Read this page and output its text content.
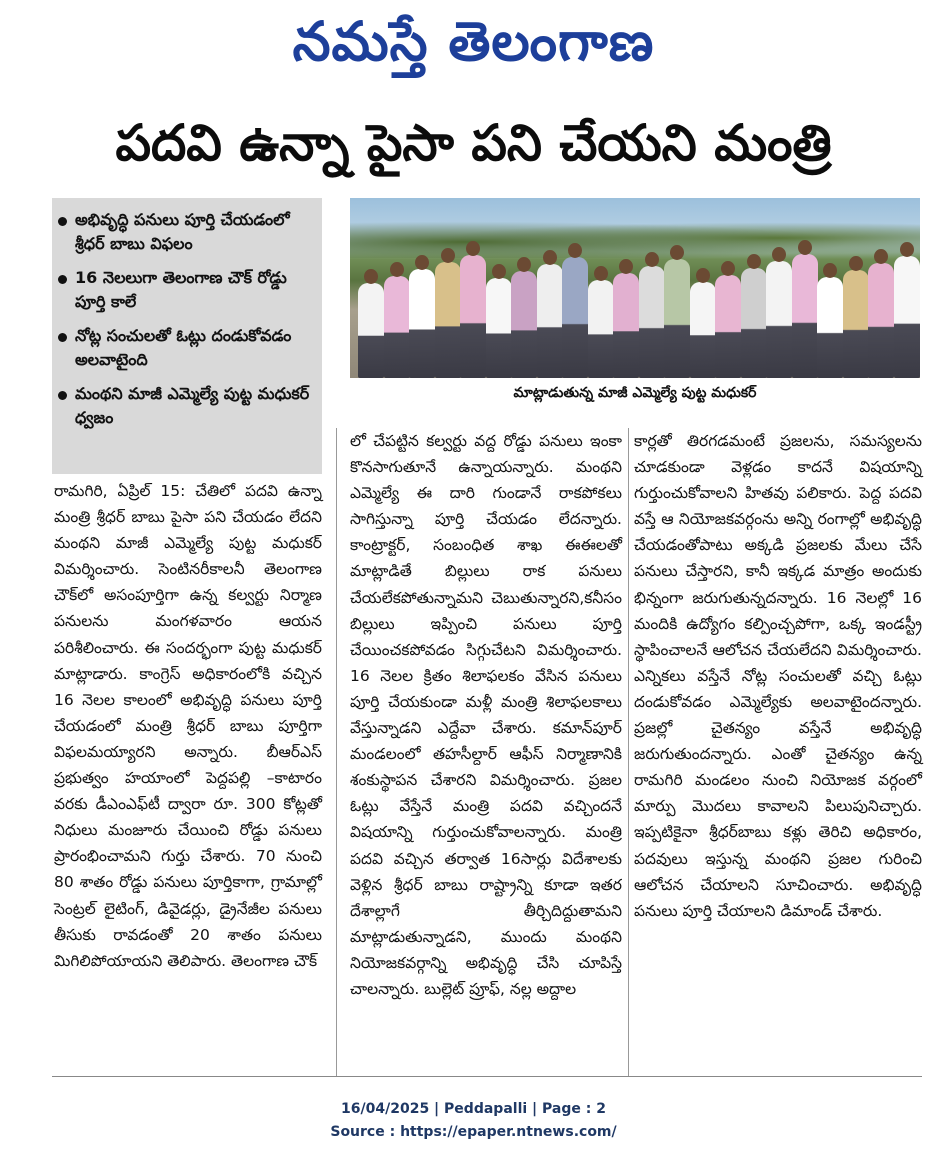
నమస్తే తెలంగాణ
పదవి ఉన్నా పైసా పని చేయని మంత్రి
అభివృద్ధి పనులు పూర్తి చేయడంలో శ్రీధర్ బాబు విఫలం
16 నెలలుగా తెలంగాణ చౌక్ రోడ్డు పూర్తి కాలే
నోట్ల సంచులతో ఓట్లు దండుకోవడం అలవాటైంది
మంథని మాజీ ఎమ్మెల్యే పుట్ట మధుకర్ ధ్వజం
మాట్లాడుతున్న మాజీ ఎమ్మెల్యే పుట్ట మధుకర్
రామగిరి, ఏప్రిల్ 15: చేతిలో పదవి ఉన్నా మంత్రి శ్రీధర్ బాబు పైసా పని చేయడం లేదని మంథని మాజీ ఎమ్మెల్యే పుట్ట మధుకర్ విమర్శించారు. సెంటినరీకాలనీ తెలంగాణ చౌక్‌లో అసంపూర్తిగా ఉన్న కల్వర్టు నిర్మాణ పనులను మంగళవారం ఆయన పరిశీలించారు. ఈ సందర్భంగా పుట్ట మధుకర్ మాట్లాడారు. కాంగ్రెస్ అధికారంలోకి వచ్చిన 16 నెలల కాలంలో అభివృద్ధి పనులు పూర్తి చేయడంలో మంత్రి శ్రీధర్ బాబు పూర్తిగా విఫలమయ్యారని అన్నారు. బీఆర్ఎస్ ప్రభుత్వం హయాంలో పెద్దపల్లి –కాటారం వరకు డీఎంఎఫ్‌టీ ద్వారా రూ. 300 కోట్లతో నిధులు మంజూరు చేయించి రోడ్డు పనులు ప్రారంభించామని గుర్తు చేశారు. 70 నుంచి 80 శాతం రోడ్డు పనులు పూర్తికాగా, గ్రామాల్లో సెంట్రల్ లైటింగ్, డివైడర్లు, డ్రైనేజీల పనులు తీసుకు రావడంతో 20 శాతం పనులు మిగిలిపోయాయని తెలిపారు. తెలంగాణ చౌక్
లో చేపట్టిన కల్వర్టు వద్ద రోడ్డు పనులు ఇంకా కొనసాగుతూనే ఉన్నాయన్నారు. మంథని ఎమ్మెల్యే ఈ దారి గుండానే రాకపోకలు సాగిస్తున్నా పూర్తి చేయడం లేదన్నారు. కాంట్రాక్టర్, సంబంధిత శాఖ ఈఈలతో మాట్లాడితే బిల్లులు రాక పనులు చేయలేకపోతున్నామని చెబుతున్నారని,కనీసం బిల్లులు ఇప్పించి పనులు పూర్తి చేయించకపోవడం సిగ్గుచేటని విమర్శించారు. 16 నెలల క్రితం శిలాఫలకం వేసిన పనులు పూర్తి చేయకుండా మళ్లీ మంత్రి శిలాఫలకాలు వేస్తున్నాడని ఎద్దేవా చేశారు. కమాన్‌పూర్ మండలంలో తహసీల్దార్ ఆఫీస్ నిర్మాణానికి శంకుస్థాపన చేశారని విమర్శించారు. ప్రజల ఓట్లు వేస్తేనే మంత్రి పదవి వచ్చిందనే విషయాన్ని గుర్తుంచుకోవాలన్నారు. మంత్రి పదవి వచ్చిన తర్వాత 16సార్లు విదేశాలకు వెళ్లిన శ్రీధర్ బాబు రాష్ట్రాన్ని కూడా ఇతర దేశాల్లాగే తీర్చిదిద్దుతామని మాట్లాడుతున్నాడని, ముందు మంథని నియోజకవర్గాన్ని అభివృద్ధి చేసి చూపిస్తే చాలన్నారు. బుల్లెట్ ప్రూఫ్, నల్ల అద్దాల
కార్లతో తిరగడమంటే ప్రజలను, సమస్యలను చూడకుండా వెళ్లడం కాదనే విషయాన్ని గుర్తుంచుకోవాలని హితవు పలికారు. పెద్ద పదవి వస్తే ఆ నియోజకవర్గంను అన్ని రంగాల్లో అభివృద్ధి చేయడంతోపాటు అక్కడి ప్రజలకు మేలు చేసే పనులు చేస్తారని, కానీ ఇక్కడ మాత్రం అందుకు భిన్నంగా జరుగుతున్నదన్నారు. 16 నెలల్లో 16 మందికి ఉద్యోగం కల్పించ్చపోగా, ఒక్క ఇండస్ట్రీ స్థాపించాలనే ఆలోచన చేయలేదని విమర్శించారు. ఎన్నికలు వస్తేనే నోట్ల సంచులతో వచ్చి ఓట్లు దండుకోవడం ఎమ్మెల్యేకు అలవాటైందన్నారు. ప్రజల్లో చైతన్యం వస్తేనే అభివృద్ధి జరుగుతుందన్నారు. ఎంతో చైతన్యం ఉన్న రామగిరి మండలం నుంచి నియోజక వర్గంలో మార్పు మొదలు కావాలని పిలుపునిచ్చారు. ఇప్పటికైనా శ్రీధర్‌బాబు కళ్లు తెరిచి అధికారం, పదవులు ఇస్తున్న మంథని ప్రజల గురించి ఆలోచన చేయాలని సూచించారు. అభివృద్ధి పనులు పూర్తి చేయాలని డిమాండ్ చేశారు.
16/04/2025 | Peddapalli | Page : 2
Source : https://epaper.ntnews.com/
